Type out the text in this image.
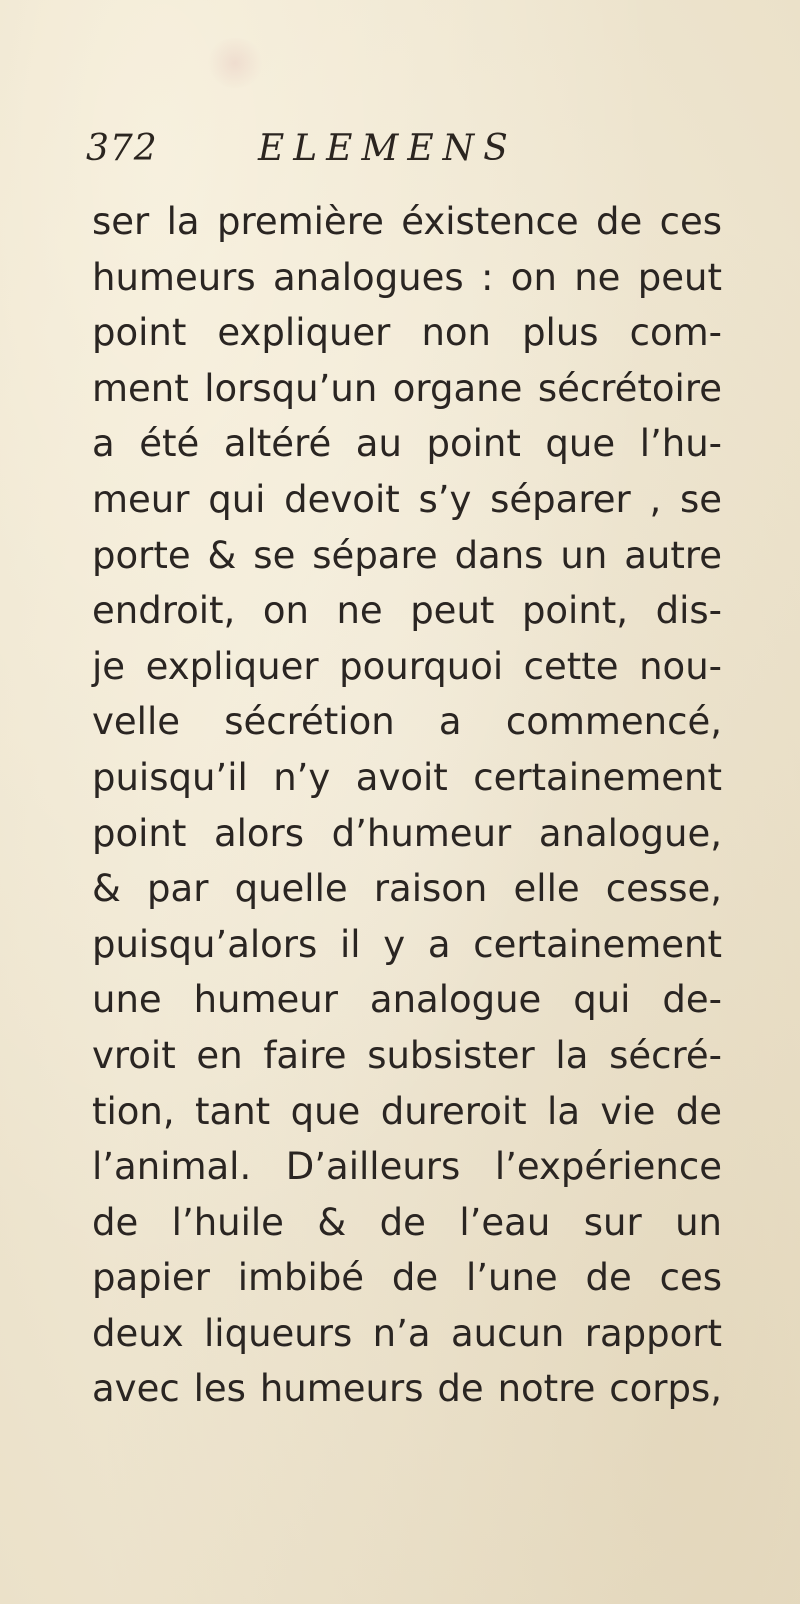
372	ELEMENS
ser la première éxistence de ces
humeurs analogues : on ne peut
point expliquer non plus com-
ment lorsqu’un organe sécrétoire
a été altéré au point que l’hu-
meur qui devoit s’y séparer , se
porte & se sépare dans un autre
endroit, on ne peut point, dis-
je expliquer pourquoi cette nou-
velle sécrétion a commencé,
puisqu’il n’y avoit certainement
point alors d’humeur analogue,
& par quelle raison elle cesse,
puisqu’alors il y a certainement
une humeur analogue qui de-
vroit en faire subsister la sécré-
tion, tant que dureroit la vie de
l’animal. D’ailleurs l’expérience
de l’huile & de l’eau sur un
papier imbibé de l’une de ces
deux liqueurs n’a aucun rapport
avec les humeurs de notre corps,
